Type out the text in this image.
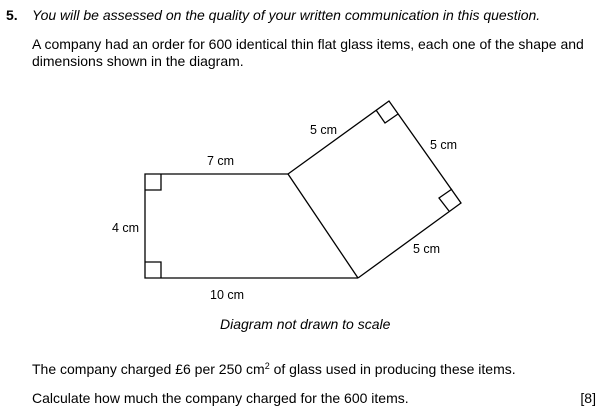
5. You will be assessed on the quality of your written communication in this question.
A company had an order for 600 identical thin flat glass items, each one of the shape and
dimensions shown in the diagram.
7 cm
4 cm
10 cm
5 cm
5 cm
5 cm
Diagram not drawn to scale
The company charged £6 per 250 $cm^2$ of glass used in producing these items.
Calculate how much the company charged for the 600 items.	[8]
